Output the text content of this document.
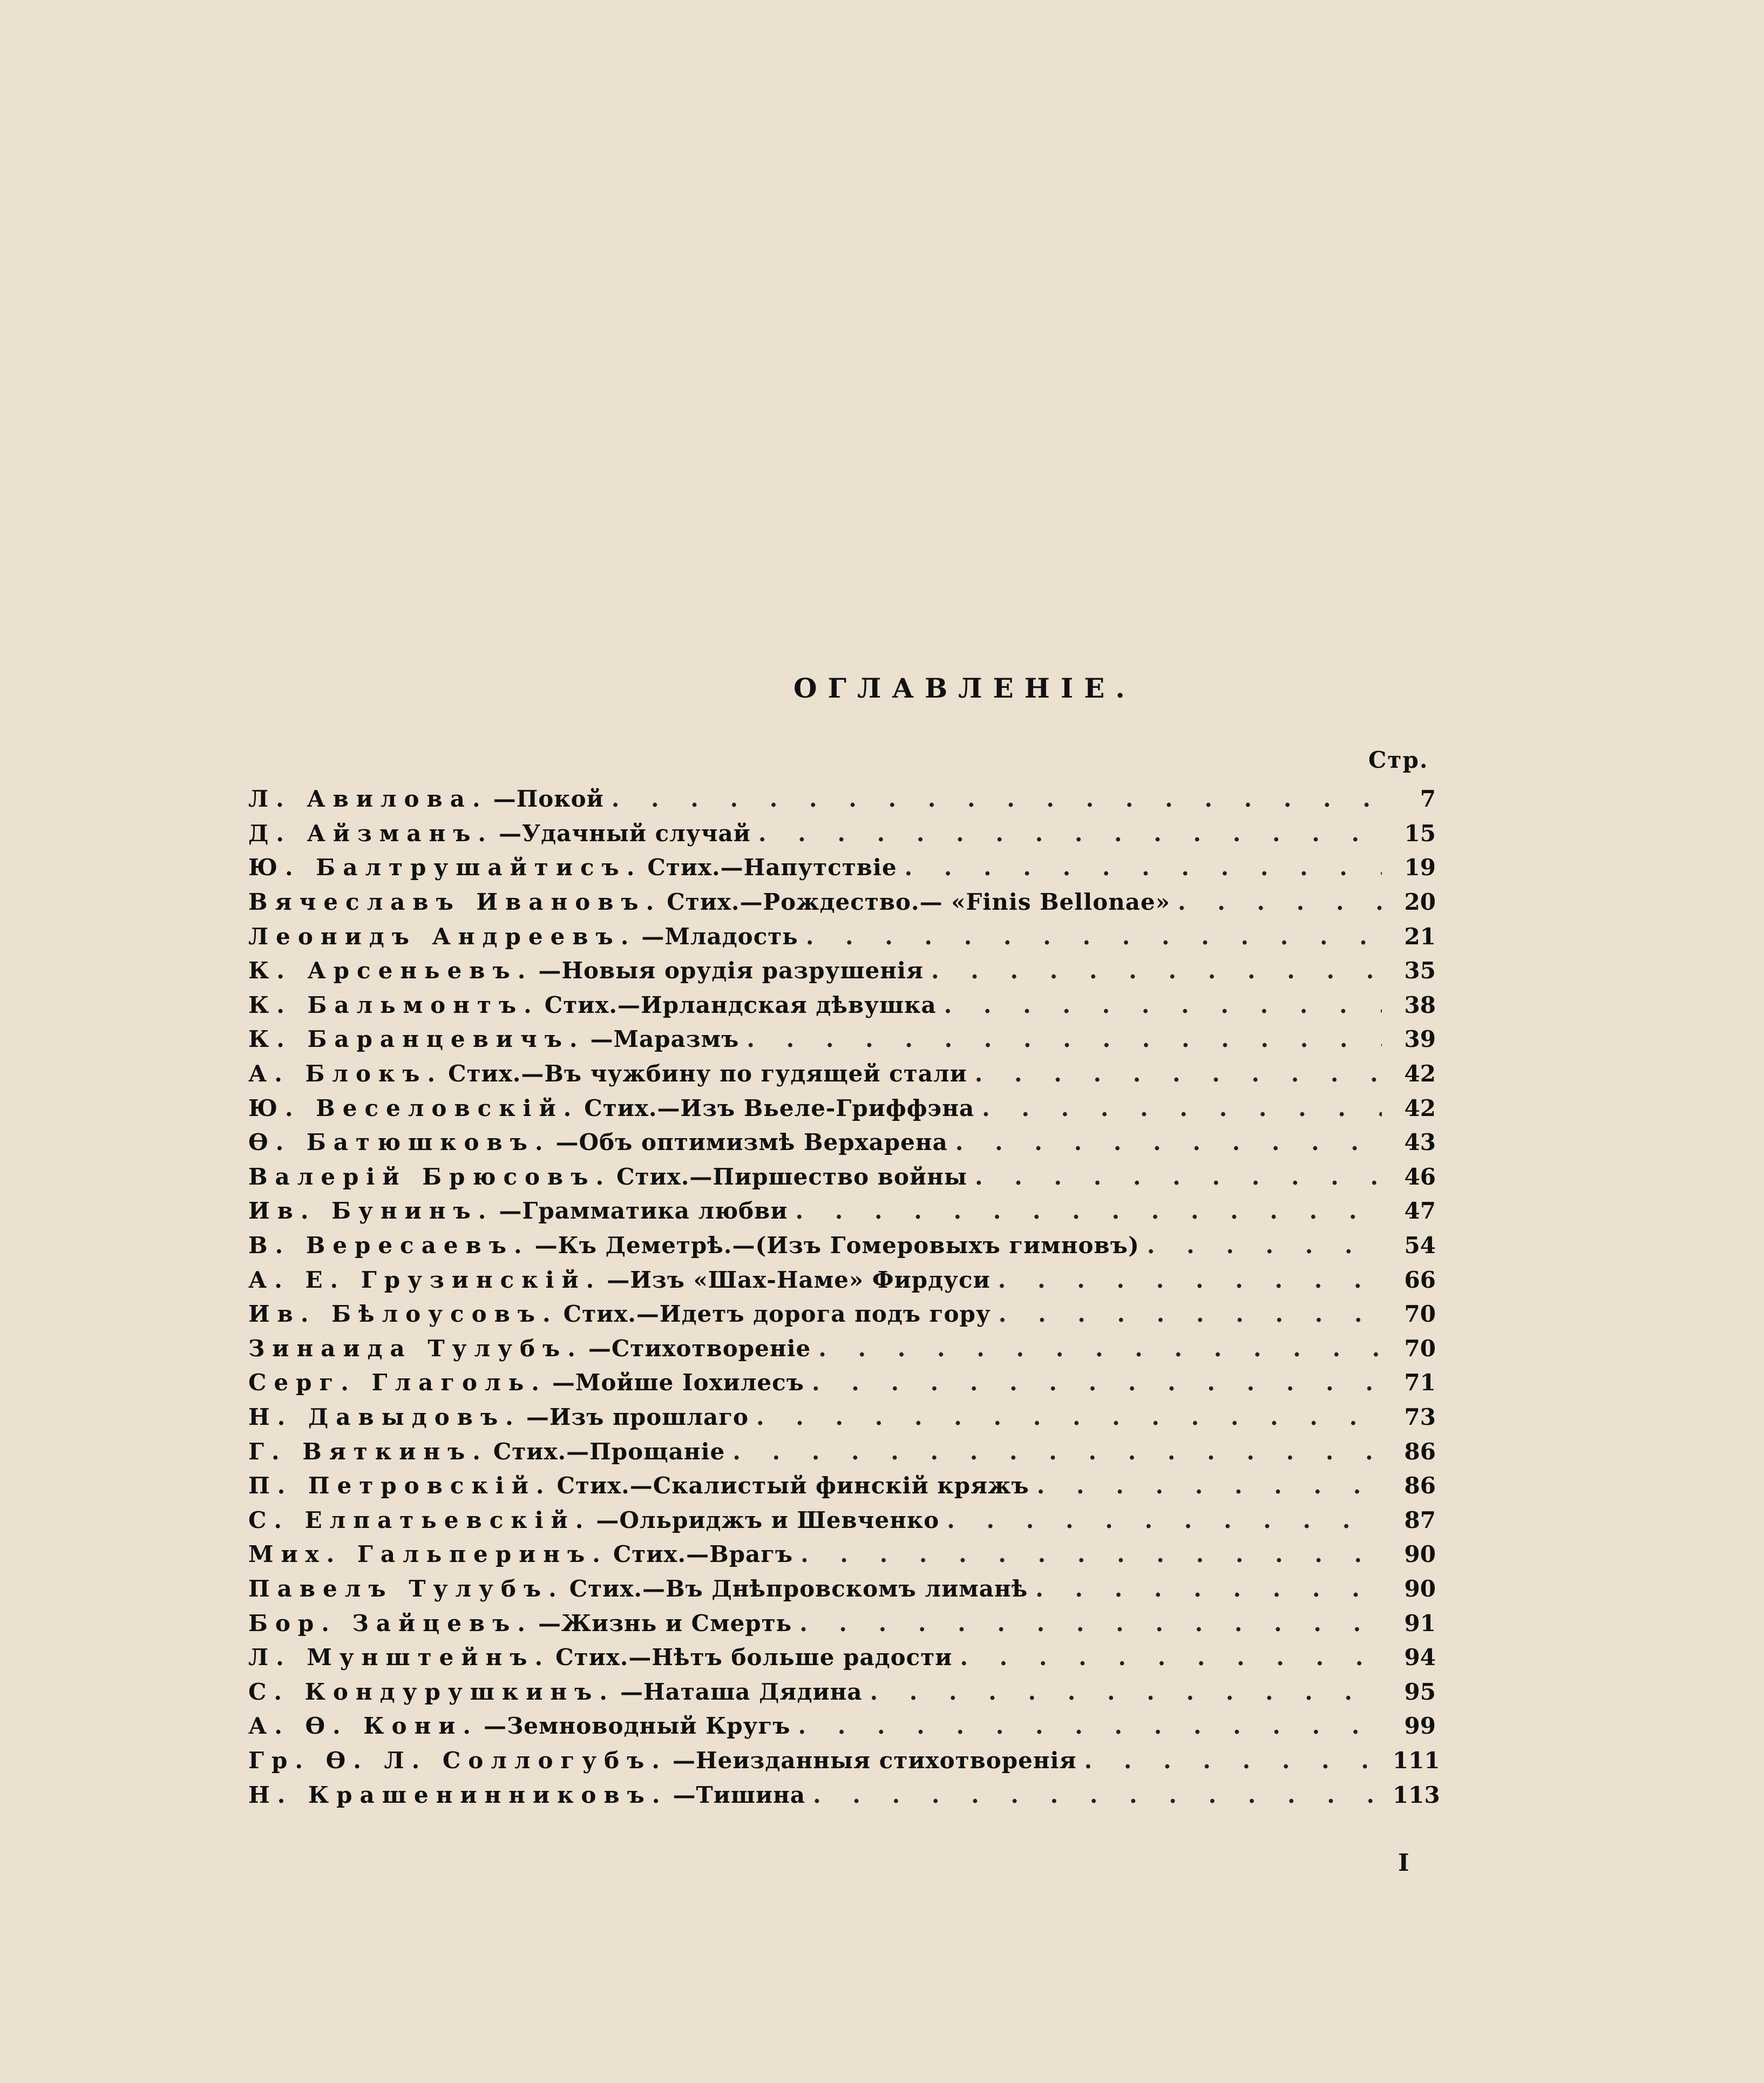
ОГЛАВЛЕНІЕ.
Стр.
Л. Авилова. —Покой . . .	7
Д. Айзманъ. —Удачный случай . . .	15
Ю. Балтрушайтисъ. Стих.—Напутствіе . . .	19
Вячеславъ Ивановъ. Стих.—Рождество.— «Finis Bellonae» . . .	20
Леонидъ Андреевъ. —Младость . . .	21
К. Арсеньевъ. —Новыя орудія разрушенія . . .	35
К. Бальмонтъ. Стих.—Ирландская дѣвушка . . .	38
К. Баранцевичъ. —Маразмъ . . .	39
А. Блокъ. Стих.—Въ чужбину по гудящей стали . . .	42
Ю. Веселовскій. Стих.—Изъ Вьеле-Гриффэна . . .	42
Ѳ. Батюшковъ. —Объ оптимизмѣ Верхарена . . .	43
Валерій Брюсовъ. Стих.—Пиршество войны . . .	46
Ив. Бунинъ. —Грамматика любви . . .	47
В. Вересаевъ. —Къ Деметрѣ.—(Изъ Гомеровыхъ гимновъ) . . .	54
А. Е. Грузинскій. —Изъ «Шах-Наме» Фирдуси . . .	66
Ив. Бѣлоусовъ. Стих.—Идетъ дорога подъ гору . . .	70
Зинаида Тулубъ. —Стихотвореніе . . .	70
Серг. Глаголь. —Мойше Іохилесъ . . .	71
Н. Давыдовъ. —Изъ прошлаго . . .	73
Г. Вяткинъ. Стих.—Прощаніе . . .	86
П. Петровскій. Стих.—Скалистый финскій кряжъ . . .	86
С. Елпатьевскій. —Ольриджъ и Шевченко . . .	87
Мих. Гальперинъ. Стих.—Врагъ . . .	90
Павелъ Тулубъ. Стих.—Въ Днѣпровскомъ лиманѣ . . .	90
Бор. Зайцевъ. —Жизнь и Смерть . . .	91
Л. Мунштейнъ. Стих.—Нѣтъ больше радости . . .	94
С. Кондурушкинъ. —Наташа Дядина . . .	95
А. Ѳ. Кони. —Земноводный Кругъ . . .	99
Гр. Ѳ. Л. Соллогубъ. —Неизданныя стихотворенія . . .	111
Н. Крашенинниковъ. —Тишина . . .	113
I
